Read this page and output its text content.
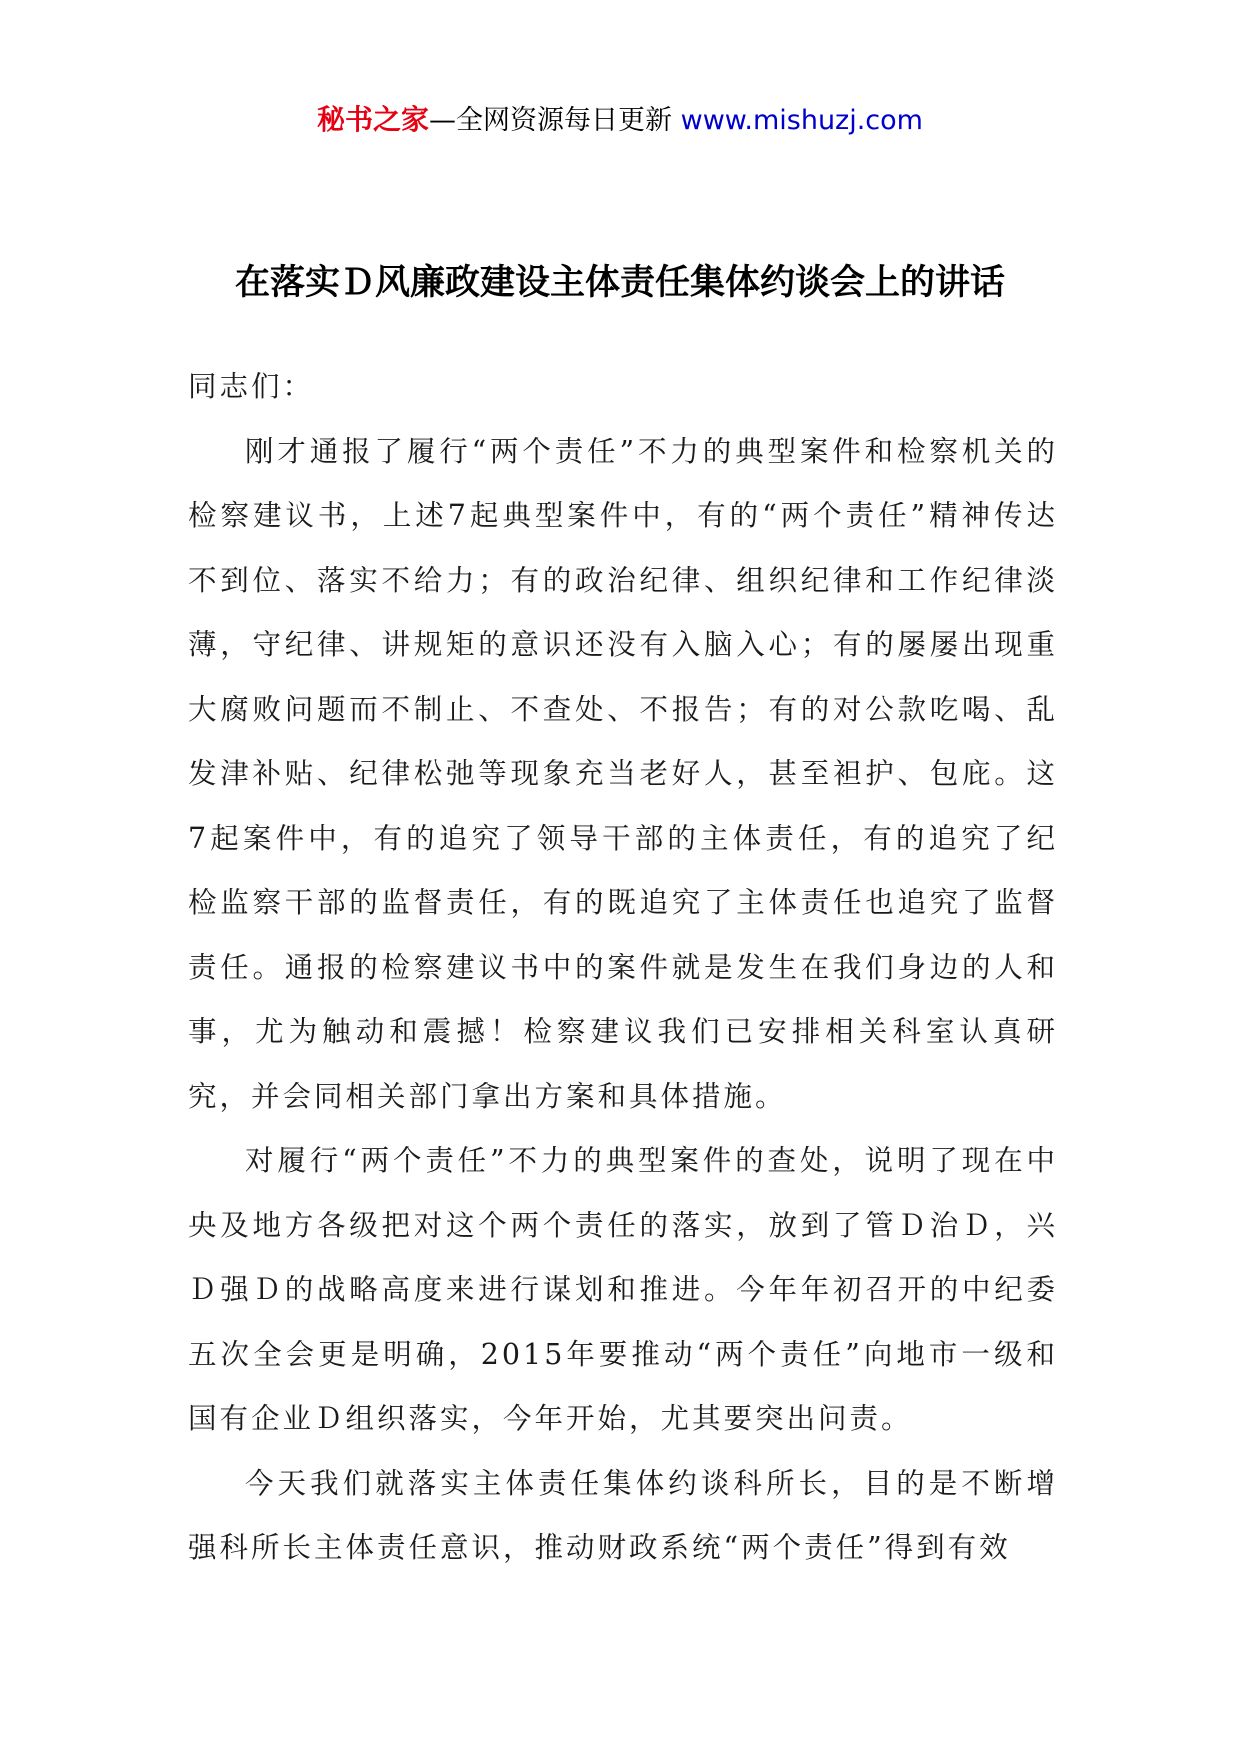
秘书之家—全网资源每日更新 www.mishuzj.com
在落实Ｄ风廉政建设主体责任集体约谈会上的讲话

同志们：

刚才通报了履行“两个责任”不力的典型案件和检察机关的检察建议书，上述7起典型案件中，有的“两个责任”精神传达不到位、落实不给力；有的政治纪律、组织纪律和工作纪律淡薄，守纪律、讲规矩的意识还没有入脑入心；有的屡屡出现重大腐败问题而不制止、不查处、不报告；有的对公款吃喝、乱发津补贴、纪律松弛等现象充当老好人，甚至袒护、包庇。这7起案件中，有的追究了领导干部的主体责任，有的追究了纪检监察干部的监督责任，有的既追究了主体责任也追究了监督责任。通报的检察建议书中的案件就是发生在我们身边的人和事，尤为触动和震撼！检察建议我们已安排相关科室认真研究，并会同相关部门拿出方案和具体措施。

对履行“两个责任”不力的典型案件的查处，说明了现在中央及地方各级把对这个两个责任的落实，放到了管Ｄ治Ｄ，兴Ｄ强Ｄ的战略高度来进行谋划和推进。今年年初召开的中纪委五次全会更是明确，2015年要推动“两个责任”向地市一级和国有企业Ｄ组织落实，今年开始，尤其要突出问责。

今天我们就落实主体责任集体约谈科所长，目的是不断增强科所长主体责任意识，推动财政系统“两个责任”得到有效
